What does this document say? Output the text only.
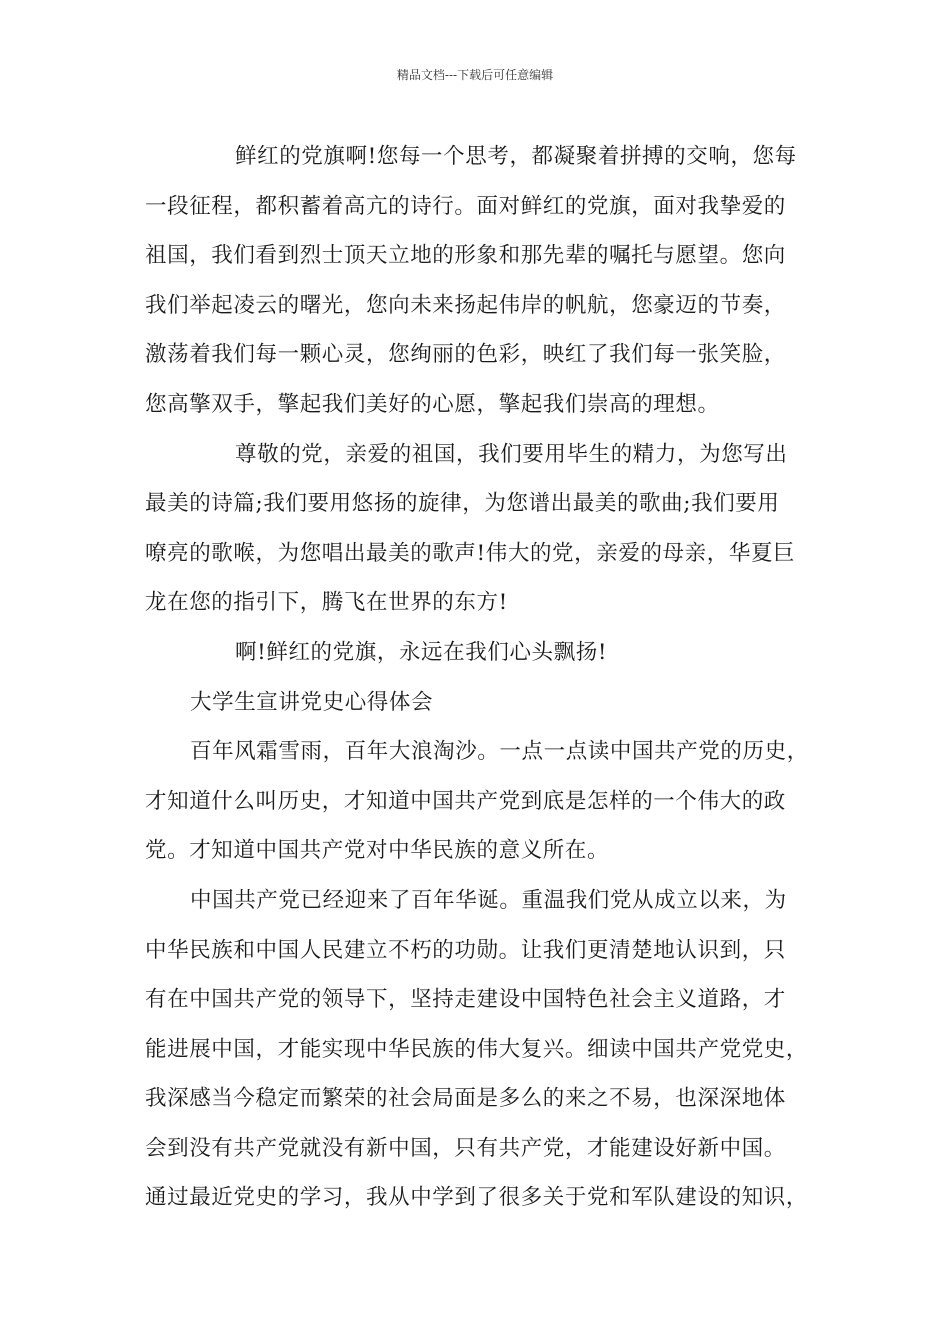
精品文档---下载后可任意编辑
鲜红的党旗啊!您每一个思考，都凝聚着拼搏的交响，您每
一段征程，都积蓄着高亢的诗行。面对鲜红的党旗，面对我挚爱的
祖国，我们看到烈士顶天立地的形象和那先辈的嘱托与愿望。您向
我们举起凌云的曙光，您向未来扬起伟岸的帆航，您豪迈的节奏，
激荡着我们每一颗心灵，您绚丽的色彩，映红了我们每一张笑脸，
您高擎双手，擎起我们美好的心愿，擎起我们崇高的理想。
尊敬的党，亲爱的祖国，我们要用毕生的精力，为您写出
最美的诗篇;我们要用悠扬的旋律，为您谱出最美的歌曲;我们要用
嘹亮的歌喉，为您唱出最美的歌声!伟大的党，亲爱的母亲，华夏巨
龙在您的指引下，腾飞在世界的东方!
啊!鲜红的党旗，永远在我们心头飘扬!
大学生宣讲党史心得体会
百年风霜雪雨，百年大浪淘沙。一点一点读中国共产党的历史，
才知道什么叫历史，才知道中国共产党到底是怎样的一个伟大的政
党。才知道中国共产党对中华民族的意义所在。
中国共产党已经迎来了百年华诞。重温我们党从成立以来，为
中华民族和中国人民建立不朽的功勋。让我们更清楚地认识到，只
有在中国共产党的领导下，坚持走建设中国特色社会主义道路，才
能进展中国，才能实现中华民族的伟大复兴。细读中国共产党党史，
我深感当今稳定而繁荣的社会局面是多么的来之不易，也深深地体
会到没有共产党就没有新中国，只有共产党，才能建设好新中国。
通过最近党史的学习，我从中学到了很多关于党和军队建设的知识，
